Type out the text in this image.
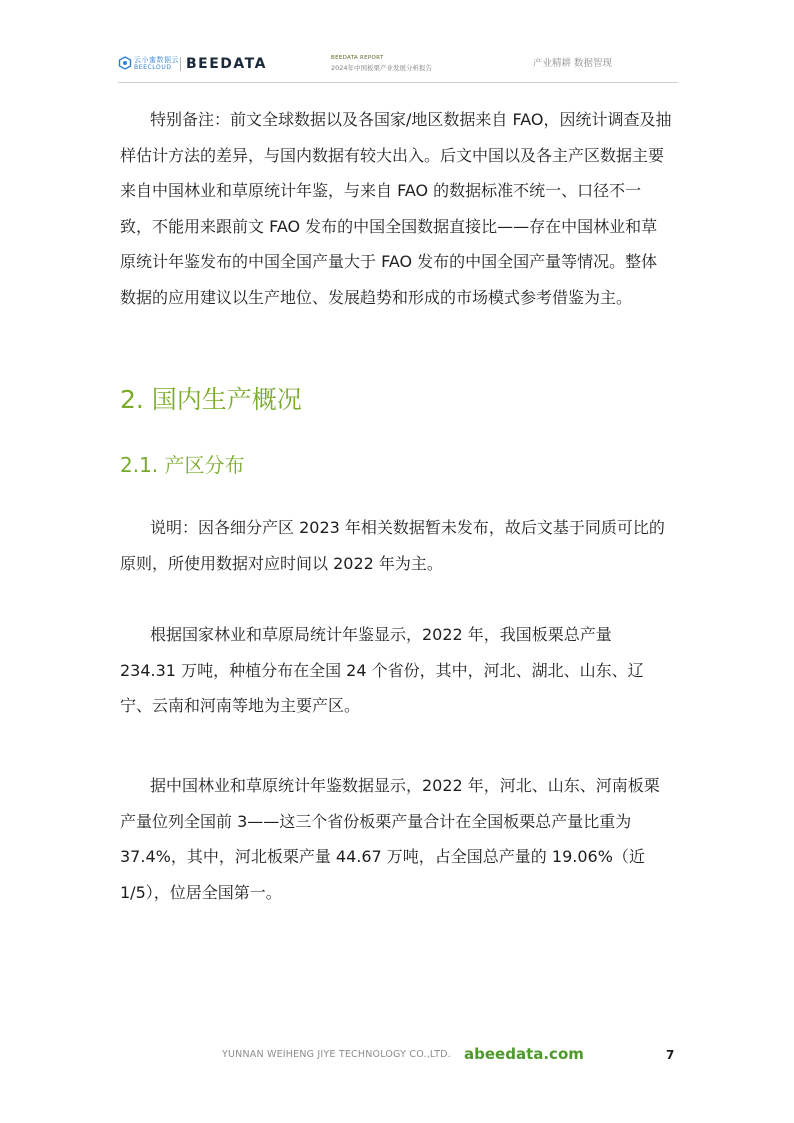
云小蜜数据云
BEECLOUD BEEDATA	BEEDATA REPORT
2024年中国板栗产业发展分析报告	产业精耕 数据智现

特别备注：前文全球数据以及各国家/地区数据来自 FAO，因统计调查及抽样估计方法的差异，与国内数据有较大出入。后文中国以及各主产区数据主要来自中国林业和草原统计年鉴，与来自 FAO 的数据标准不统一、口径不一致，不能用来跟前文 FAO 发布的中国全国数据直接比——存在中国林业和草原统计年鉴发布的中国全国产量大于 FAO 发布的中国全国产量等情况。整体数据的应用建议以生产地位、发展趋势和形成的市场模式参考借鉴为主。

2. 国内生产概况
2.1. 产区分布

说明：因各细分产区 2023 年相关数据暂未发布，故后文基于同质可比的原则，所使用数据对应时间以 2022 年为主。

根据国家林业和草原局统计年鉴显示，2022 年，我国板栗总产量 234.31 万吨，种植分布在全国 24 个省份，其中，河北、湖北、山东、辽宁、云南和河南等地为主要产区。

据中国林业和草原统计年鉴数据显示，2022 年，河北、山东、河南板栗产量位列全国前 3——这三个省份板栗产量合计在全国板栗总产量比重为 37.4%，其中，河北板栗产量 44.67 万吨，占全国总产量的 19.06%（近 1/5），位居全国第一。

YUNNAN WEIHENG JIYE TECHNOLOGY CO.,LTD. abeedata.com	7
